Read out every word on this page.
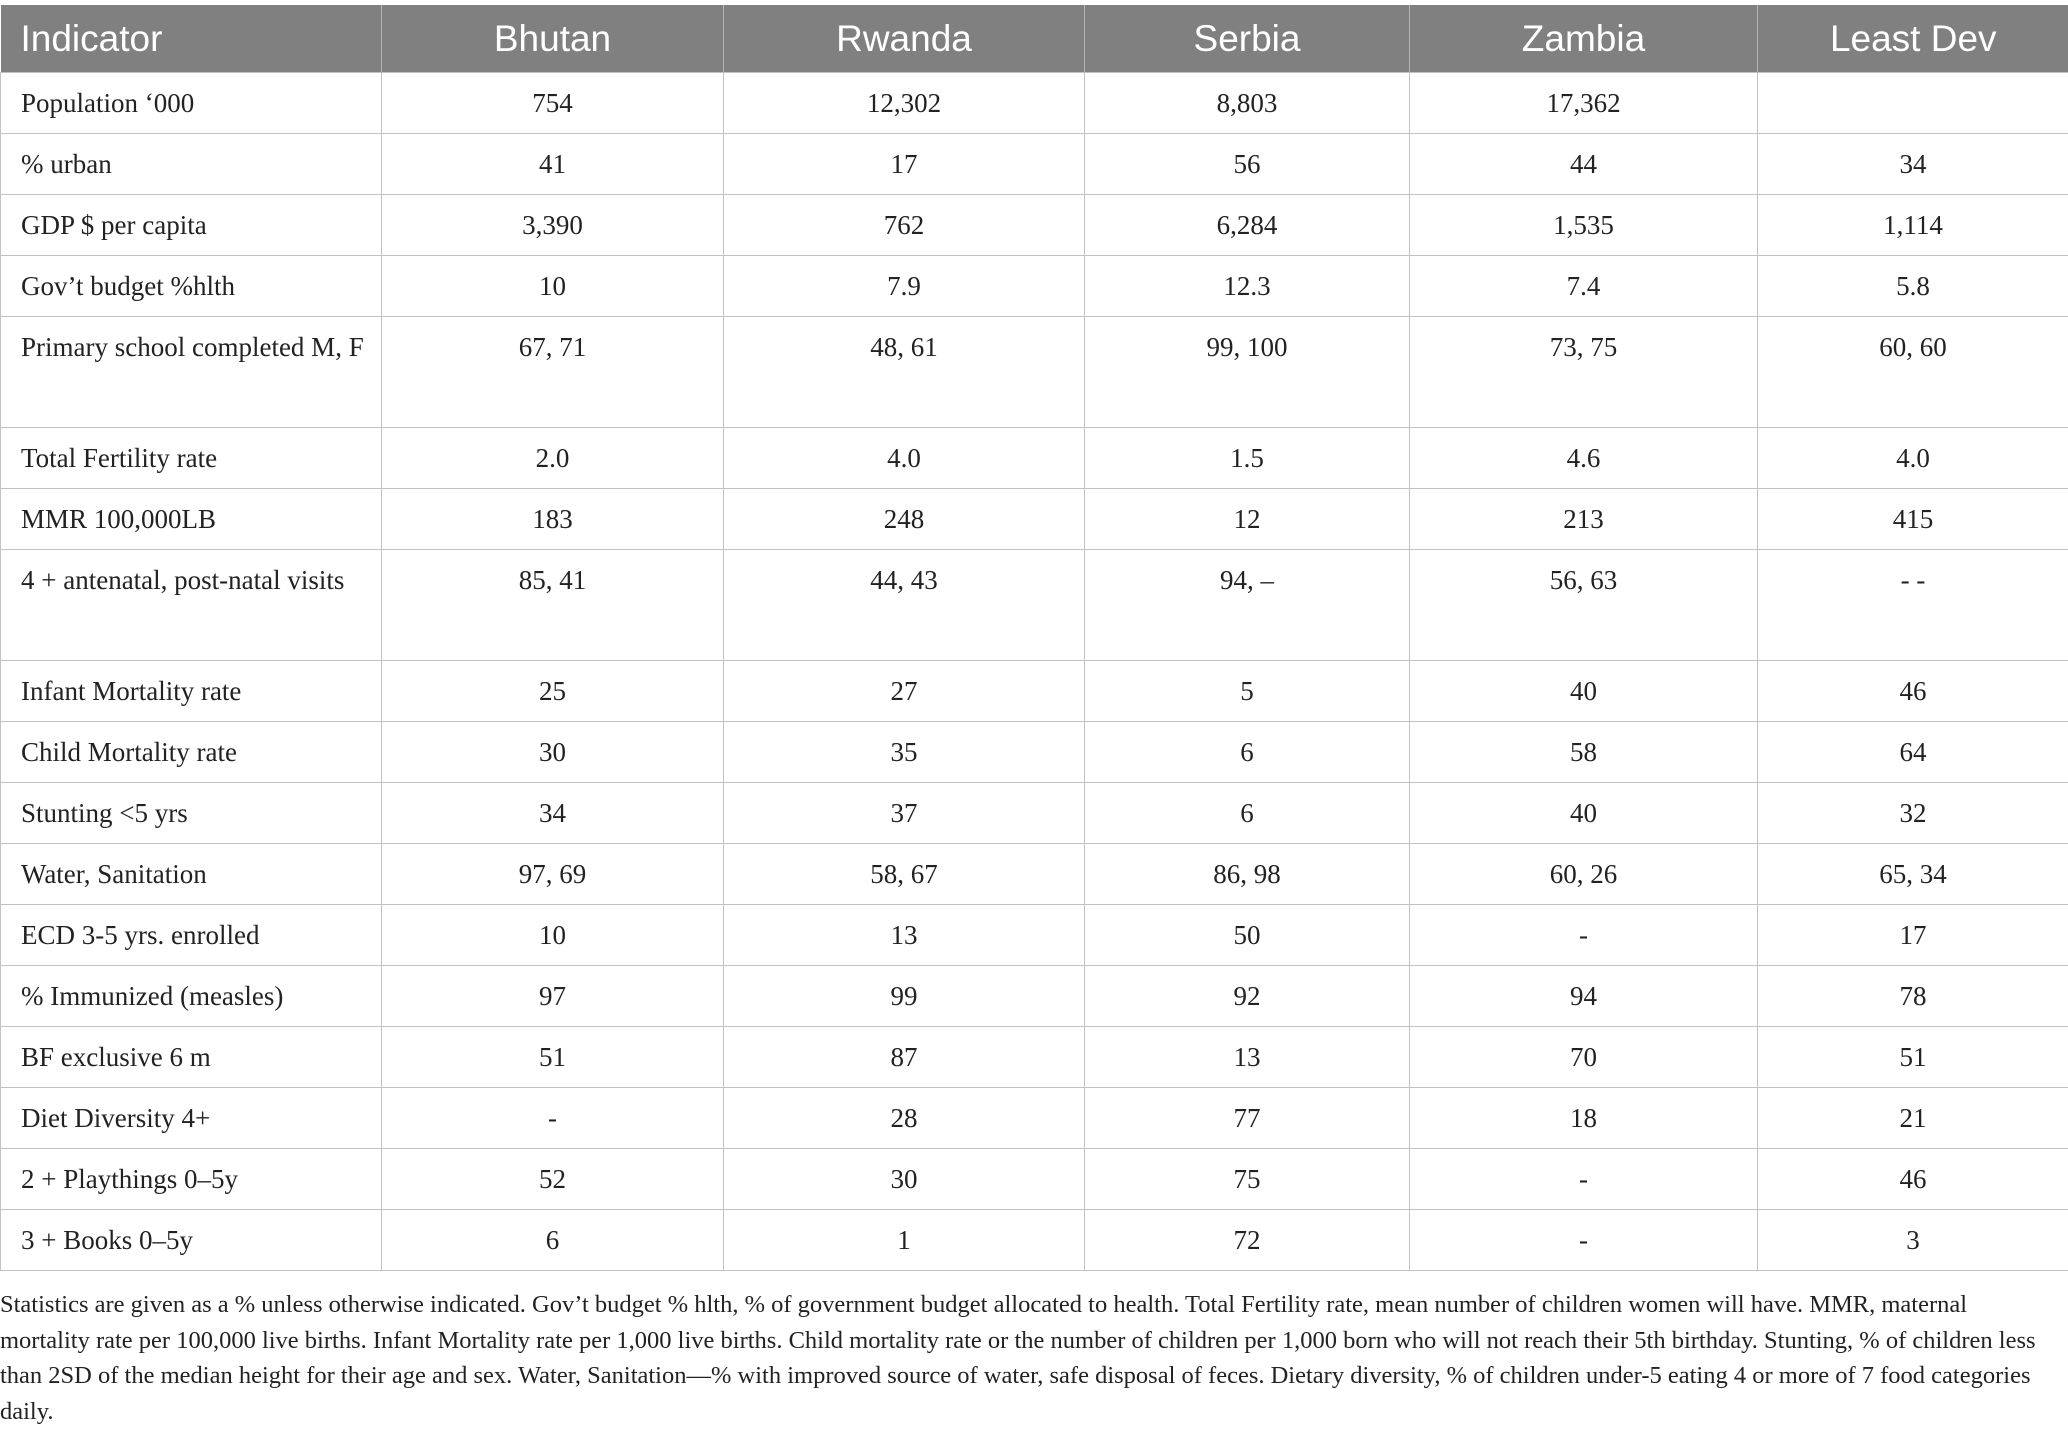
Indicator	Bhutan	Rwanda	Serbia	Zambia	Least Dev
Population ‘000	754	12,302	8,803	17,362	
% urban	41	17	56	44	34
GDP $ per capita	3,390	762	6,284	1,535	1,114
Gov’t budget %hlth	10	7.9	12.3	7.4	5.8
Primary school completed M, F	67, 71	48, 61	99, 100	73, 75	60, 60
Total Fertility rate	2.0	4.0	1.5	4.6	4.0
MMR 100,000LB	183	248	12	213	415
4 + antenatal, post-natal visits	85, 41	44, 43	94, –	56, 63	- -
Infant Mortality rate	25	27	5	40	46
Child Mortality rate	30	35	6	58	64
Stunting <5 yrs	34	37	6	40	32
Water, Sanitation	97, 69	58, 67	86, 98	60, 26	65, 34
ECD 3-5 yrs. enrolled	10	13	50	-	17
% Immunized (measles)	97	99	92	94	78
BF exclusive 6 m	51	87	13	70	51
Diet Diversity 4+	-	28	77	18	21
2 + Playthings 0–5y	52	30	75	-	46
3 + Books 0–5y	6	1	72	-	3
Statistics are given as a % unless otherwise indicated. Gov’t budget % hlth, % of government budget allocated to health. Total Fertility rate, mean number of children women will have. MMR, maternal mortality rate per 100,000 live births. Infant Mortality rate per 1,000 live births. Child mortality rate or the number of children per 1,000 born who will not reach their 5th birthday. Stunting, % of children less than 2SD of the median height for their age and sex. Water, Sanitation—% with improved source of water, safe disposal of feces. Dietary diversity, % of children under-5 eating 4 or more of 7 food categories daily.
